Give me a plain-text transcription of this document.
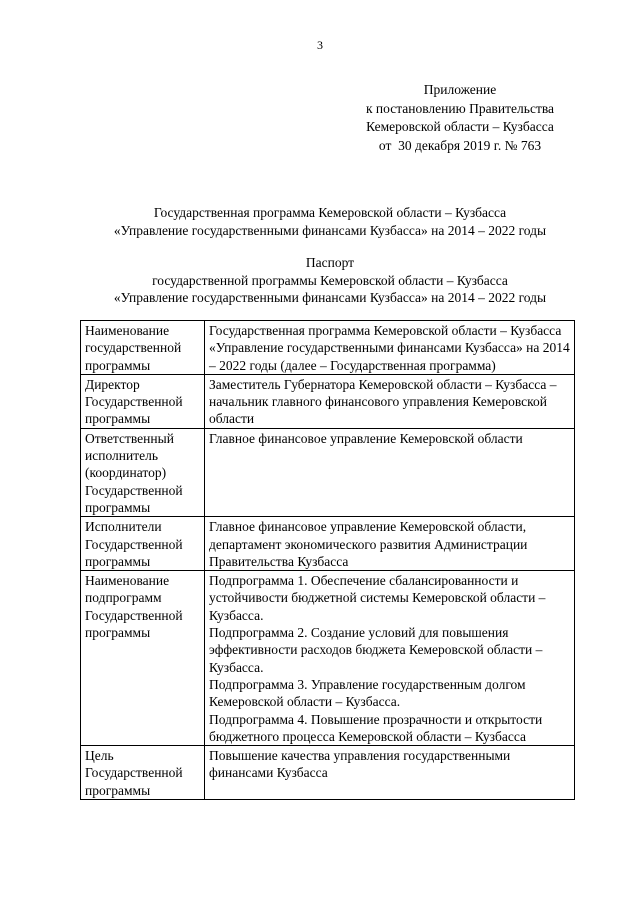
3
Приложение
к постановлению Правительства
Кемеровской области – Кузбасса
от  30 декабря 2019 г. № 763
Государственная программа Кемеровской области – Кузбасса
«Управление государственными финансами Кузбасса» на 2014 – 2022 годы
Паспорт
государственной программы Кемеровской области – Кузбасса
«Управление государственными финансами Кузбасса» на 2014 – 2022 годы
Наименование государственной программы	Государственная программа Кемеровской области – Кузбасса «Управление государственными финансами Кузбасса» на 2014 – 2022 годы (далее – Государственная программа)
Директор Государственной программы	Заместитель Губернатора Кемеровской области – Кузбасса – начальник главного финансового управления Кемеровской области
Ответственный исполнитель (координатор) Государственной программы	Главное финансовое управление Кемеровской области
Исполнители Государственной программы	Главное финансовое управление Кемеровской области, департамент экономического развития Администрации Правительства Кузбасса
Наименование подпрограмм Государственной программы	Подпрограмма 1. Обеспечение сбалансированности и устойчивости бюджетной системы Кемеровской области – Кузбасса.
Подпрограмма 2. Создание условий для повышения эффективности расходов бюджета Кемеровской области – Кузбасса.
Подпрограмма 3. Управление государственным долгом Кемеровской области – Кузбасса.
Подпрограмма 4. Повышение прозрачности и открытости бюджетного процесса Кемеровской области – Кузбасса

Цель Государственной программы	Повышение качества управления государственными финансами Кузбасса
